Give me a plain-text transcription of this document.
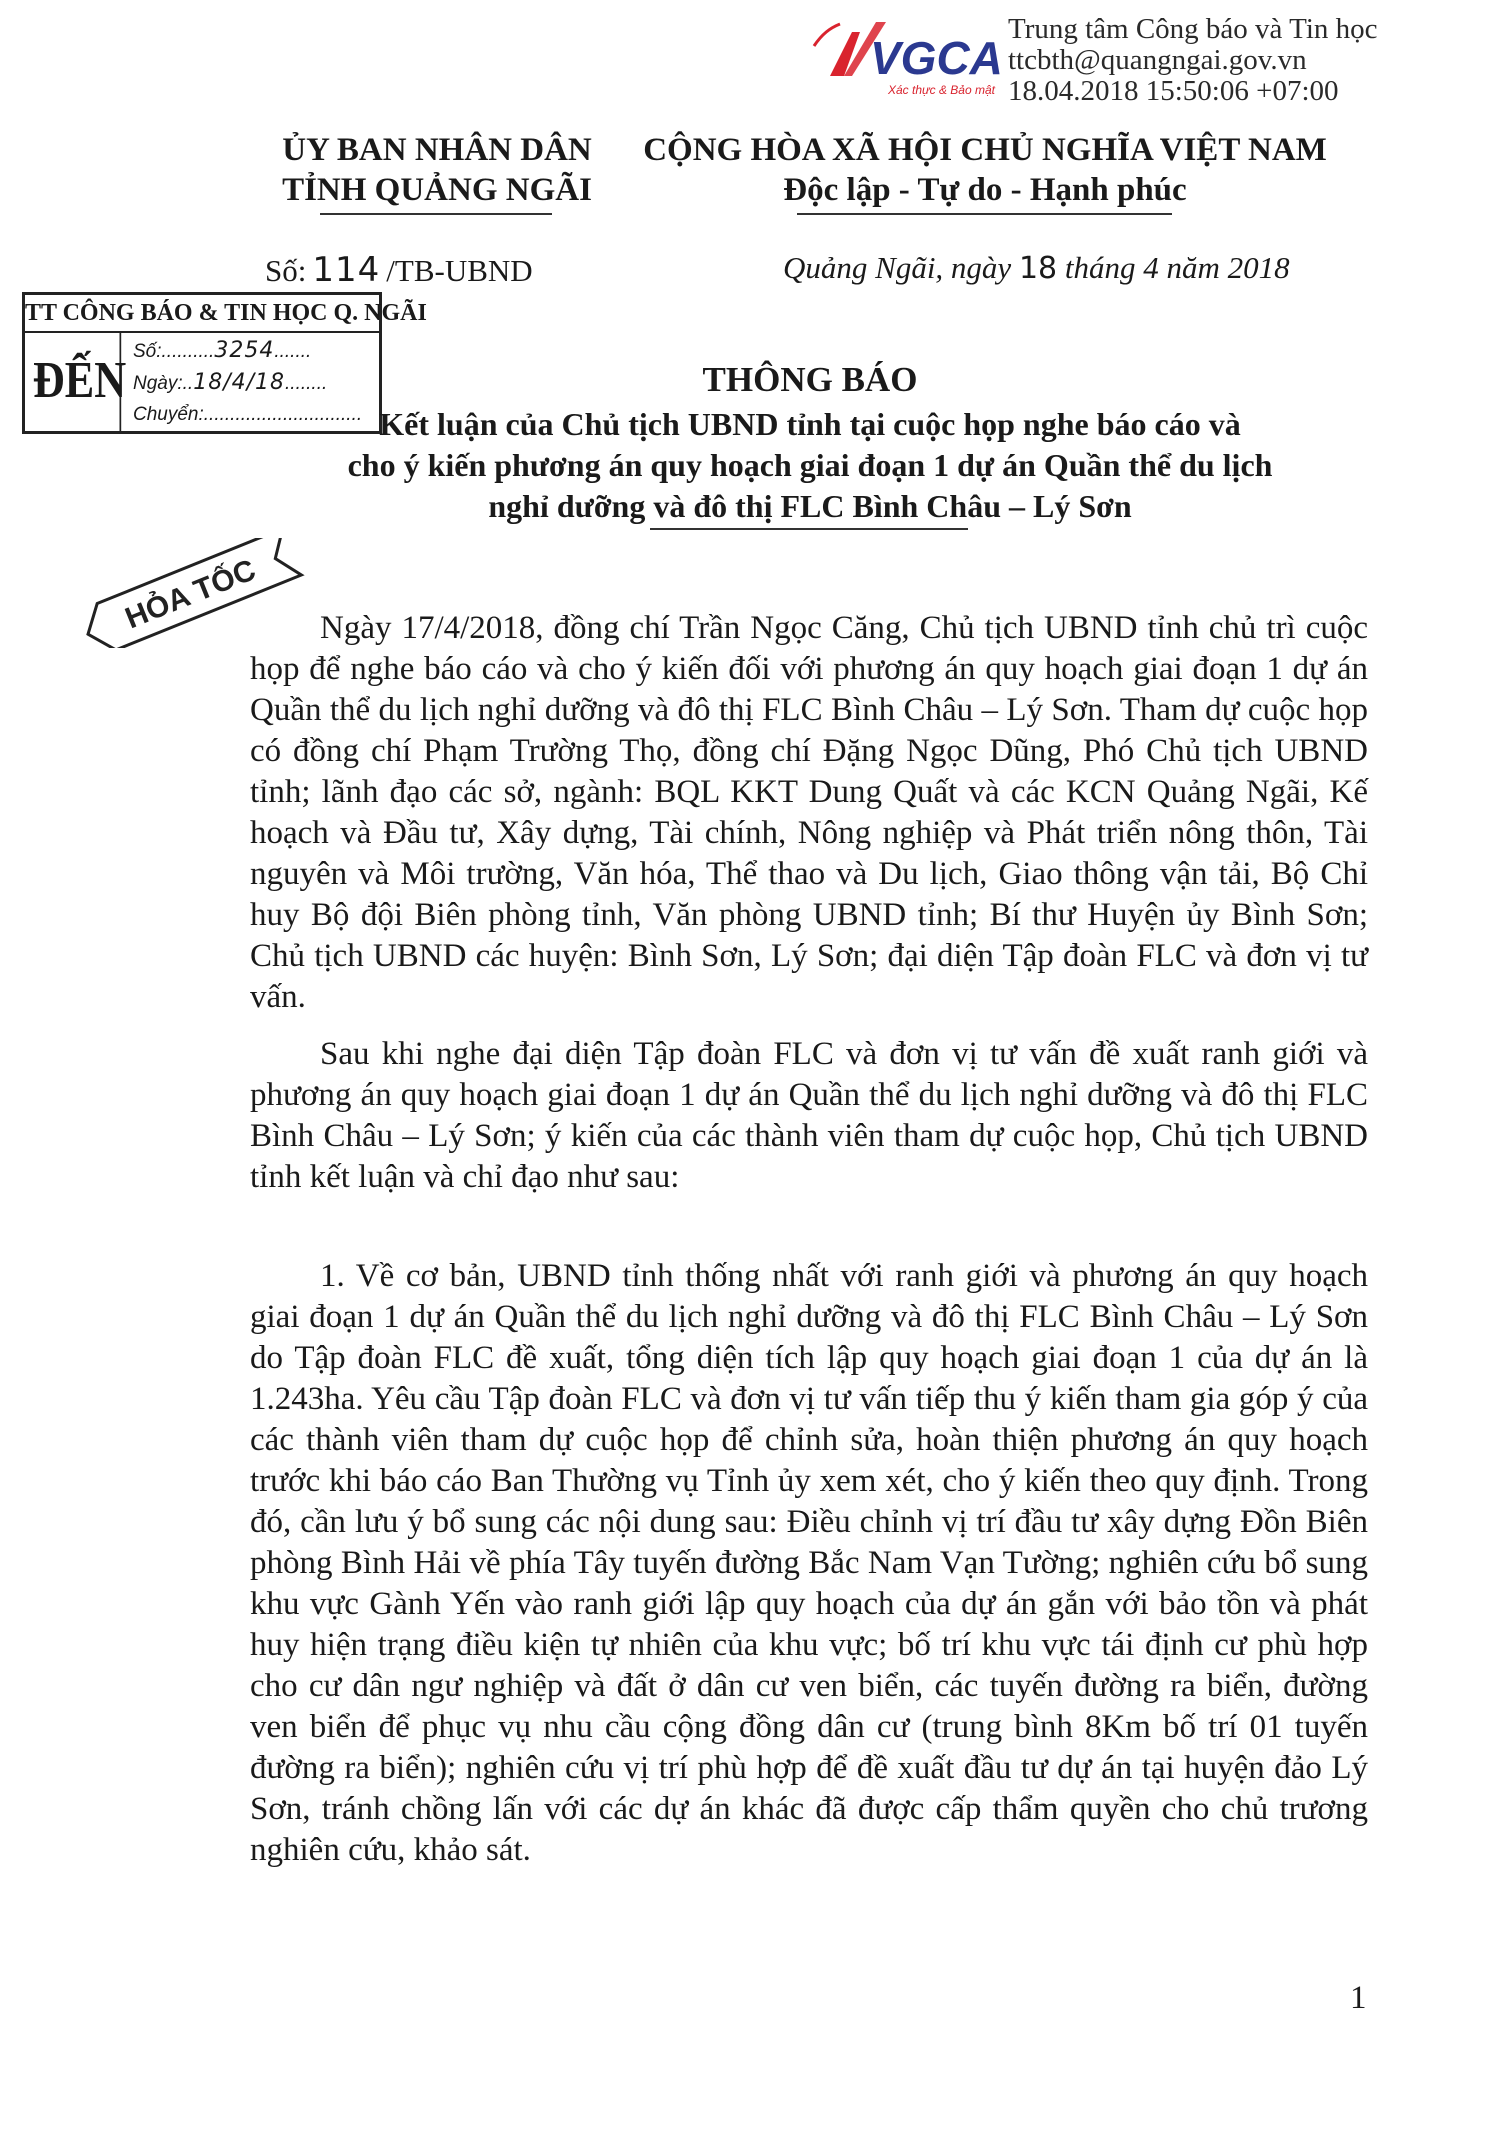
VGCA
Xác thực & Bảo mật
Trung tâm Công báo và Tin học
ttcbth@quangngai.gov.vn
18.04.2018 15:50:06 +07:00
ỦY BAN NHÂN DÂN
TỈNH QUẢNG NGÃI
CỘNG HÒA XÃ HỘI CHỦ NGHĨA VIỆT NAM
Độc lập - Tự do - Hạnh phúc
Số: 114 /TB-UBND	Quảng Ngãi, ngày 18 tháng 4 năm 2018
TT CÔNG BÁO & TIN HỌC Q. NGÃI
ĐẾN
Số:..........3254.......
Ngày:..18/4/18........
Chuyển:..............................
THÔNG BÁO
Kết luận của Chủ tịch UBND tỉnh tại cuộc họp nghe báo cáo và
cho ý kiến phương án quy hoạch giai đoạn 1 dự án Quần thể du lịch
nghỉ dưỡng và đô thị FLC Bình Châu – Lý Sơn
HỎA TỐC	Ngày 17/4/2018, đồng chí Trần Ngọc Căng, Chủ tịch UBND tỉnh chủ trì cuộc họp để nghe báo cáo và cho ý kiến đối với phương án quy hoạch giai đoạn 1 dự án Quần thể du lịch nghỉ dưỡng và đô thị FLC Bình Châu – Lý Sơn. Tham dự cuộc họp có đồng chí Phạm Trường Thọ, đồng chí Đặng Ngọc Dũng, Phó Chủ tịch UBND tỉnh; lãnh đạo các sở, ngành: BQL KKT Dung Quất và các KCN Quảng Ngãi, Kế hoạch và Đầu tư, Xây dựng, Tài chính, Nông nghiệp và Phát triển nông thôn, Tài nguyên và Môi trường, Văn hóa, Thể thao và Du lịch, Giao thông vận tải, Bộ Chỉ huy Bộ đội Biên phòng tỉnh, Văn phòng UBND tỉnh; Bí thư Huyện ủy Bình Sơn; Chủ tịch UBND các huyện: Bình Sơn, Lý Sơn; đại diện Tập đoàn FLC và đơn vị tư vấn.

Sau khi nghe đại diện Tập đoàn FLC và đơn vị tư vấn đề xuất ranh giới và phương án quy hoạch giai đoạn 1 dự án Quần thể du lịch nghỉ dưỡng và đô thị FLC Bình Châu – Lý Sơn; ý kiến của các thành viên tham dự cuộc họp, Chủ tịch UBND tỉnh kết luận và chỉ đạo như sau:

1. Về cơ bản, UBND tỉnh thống nhất với ranh giới và phương án quy hoạch giai đoạn 1 dự án Quần thể du lịch nghỉ dưỡng và đô thị FLC Bình Châu – Lý Sơn do Tập đoàn FLC đề xuất, tổng diện tích lập quy hoạch giai đoạn 1 của dự án là 1.243ha. Yêu cầu Tập đoàn FLC và đơn vị tư vấn tiếp thu ý kiến tham gia góp ý của các thành viên tham dự cuộc họp để chỉnh sửa, hoàn thiện phương án quy hoạch trước khi báo cáo Ban Thường vụ Tỉnh ủy xem xét, cho ý kiến theo quy định. Trong đó, cần lưu ý bổ sung các nội dung sau: Điều chỉnh vị trí đầu tư xây dựng Đồn Biên phòng Bình Hải về phía Tây tuyến đường Bắc Nam Vạn Tường; nghiên cứu bổ sung khu vực Gành Yến vào ranh giới lập quy hoạch của dự án gắn với bảo tồn và phát huy hiện trạng điều kiện tự nhiên của khu vực; bố trí khu vực tái định cư phù hợp cho cư dân ngư nghiệp và đất ở dân cư ven biển, các tuyến đường ra biển, đường ven biển để phục vụ nhu cầu cộng đồng dân cư (trung bình 8Km bố trí 01 tuyến đường ra biển); nghiên cứu vị trí phù hợp để đề xuất đầu tư dự án tại huyện đảo Lý Sơn, tránh chồng lấn với các dự án khác đã được cấp thẩm quyền cho chủ trương nghiên cứu, khảo sát.

1
